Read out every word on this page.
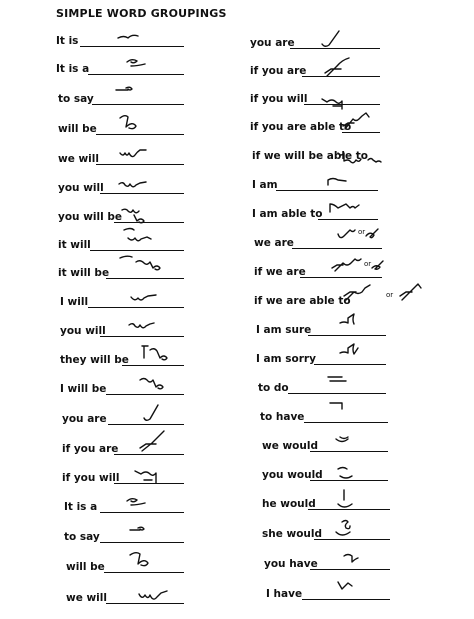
SIMPLE WORD GROUPINGS
It is
It is a
to say
will be
we will
you will
you will be
it will
it will be
I will
you will
they will be
I will be
you are
if you are
if you will
It is a
to say
will be
we will
you are
if you are
if you will
if you are able to
if we will be able to
I am
I am able to
we are
if we are
if we are able to
I am sure
I am sorry
to do
to have
we would
you would
he would
she would
you have
I have
or
or
or
